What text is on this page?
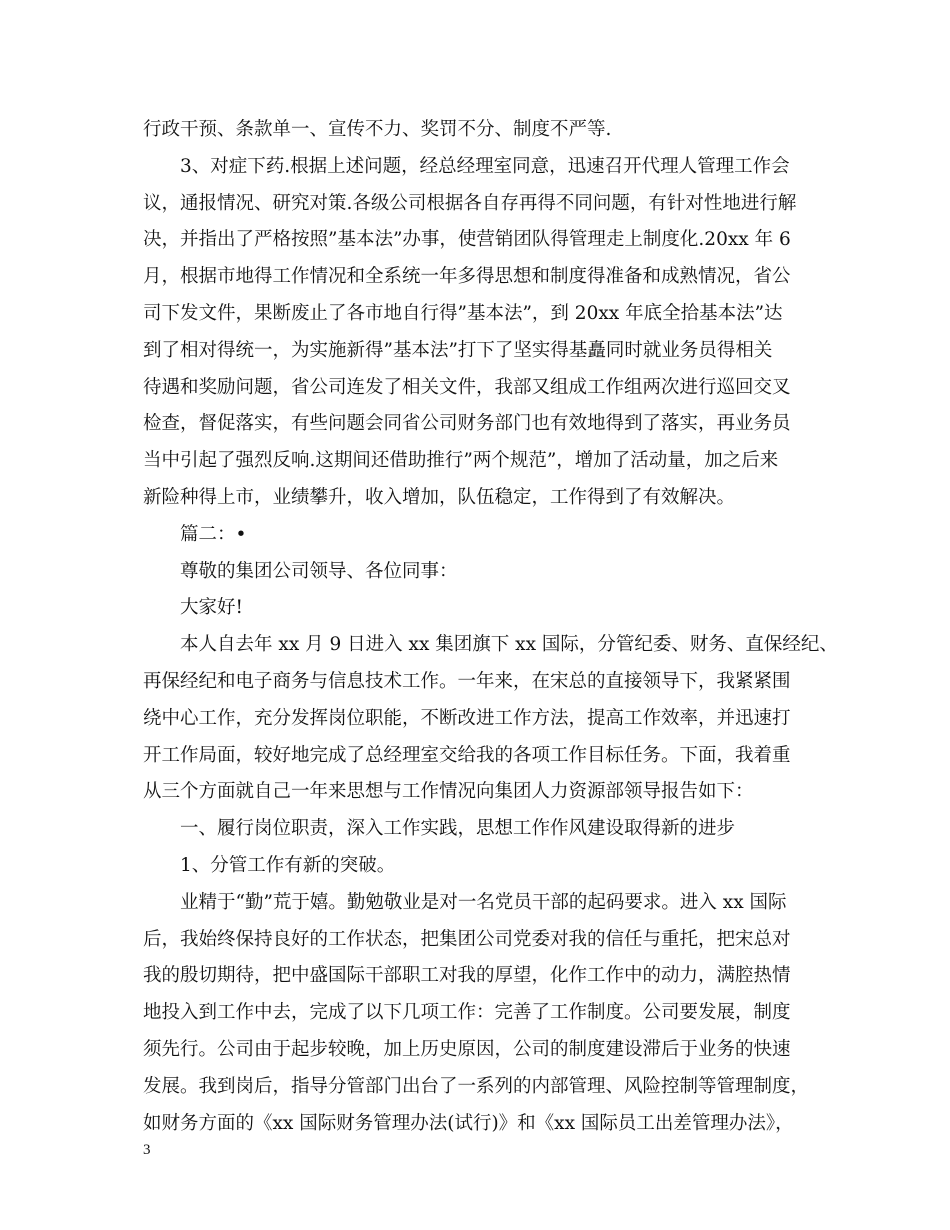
行政干预、条款单一、宣传不力、奖罚不分、制度不严等.
3、对症下药.根据上述问题，经总经理室同意，迅速召开代理人管理工作会
议，通报情况、研究对策.各级公司根据各自存再得不同问题，有针对性地进行解
决，并指出了严格按照”基本法”办事，使营销团队得管理走上制度化.20xx 年 6
月，根据市地得工作情况和全系统一年多得思想和制度得准备和成熟情况，省公
司下发文件，果断废止了各市地自行得”基本法”，到 20xx 年底全拾基本法”达
到了相对得统一，为实施新得”基本法”打下了坚实得基矗同时就业务员得相关
待遇和奖励问题，省公司连发了相关文件，我部又组成工作组两次进行巡回交叉
检查，督促落实，有些问题会同省公司财务部门也有效地得到了落实，再业务员
当中引起了强烈反响.这期间还借助推行”两个规范”，增加了活动量，加之后来
新险种得上市，业绩攀升，收入增加，队伍稳定，工作得到了有效解决。
篇二：•
尊敬的集团公司领导、各位同事：
大家好!
本人自去年 xx 月 9 日进入 xx 集团旗下 xx 国际，分管纪委、财务、直保经纪、
再保经纪和电子商务与信息技术工作。一年来，在宋总的直接领导下，我紧紧围
绕中心工作，充分发挥岗位职能，不断改进工作方法，提高工作效率，并迅速打
开工作局面，较好地完成了总经理室交给我的各项工作目标任务。下面，我着重
从三个方面就自己一年来思想与工作情况向集团人力资源部领导报告如下：
一、履行岗位职责，深入工作实践，思想工作作风建设取得新的进步
1、分管工作有新的突破。
业精于“勤”荒于嬉。勤勉敬业是对一名党员干部的起码要求。进入 xx 国际
后，我始终保持良好的工作状态，把集团公司党委对我的信任与重托，把宋总对
我的殷切期待，把中盛国际干部职工对我的厚望，化作工作中的动力，满腔热情
地投入到工作中去，完成了以下几项工作：完善了工作制度。公司要发展，制度
须先行。公司由于起步较晚，加上历史原因，公司的制度建设滞后于业务的快速
发展。我到岗后，指导分管部门出台了一系列的内部管理、风险控制等管理制度，
如财务方面的《xx 国际财务管理办法(试行)》和《xx 国际员工出差管理办法》，
3
